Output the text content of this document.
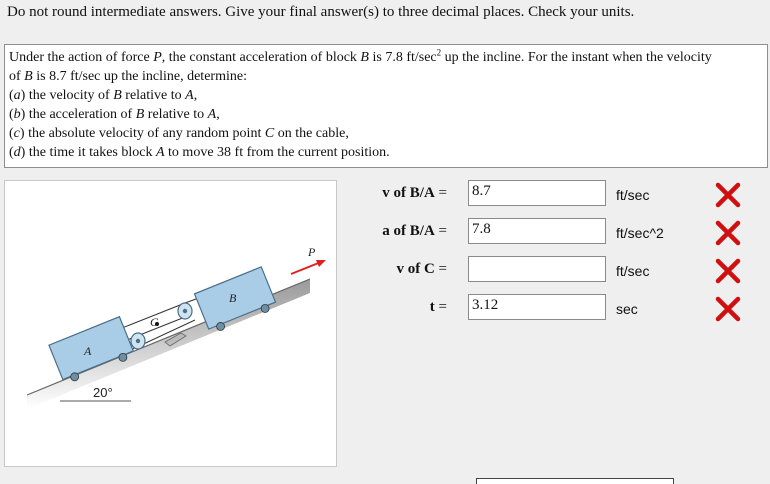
Do not round intermediate answers. Give your final answer(s) to three decimal places. Check your units.

Under the action of force P, the constant acceleration of block B is 7.8 $ft/\sec^2$ up the incline. For the instant when the velocity

of B is 8.7 ft/sec up the incline, determine:

(a) the velocity of B relative to A,

(b) the acceleration of B relative to A,

(c) the absolute velocity of any random point C on the cable,

(d) the time it takes block A to move 38 ft from the current position.

20°
C
A
B
P
v of B/A = 8.7	ft/sec
a of B/A = 7.8	ft/sec^2
v of C =	ft/sec
t = 3.12	sec
